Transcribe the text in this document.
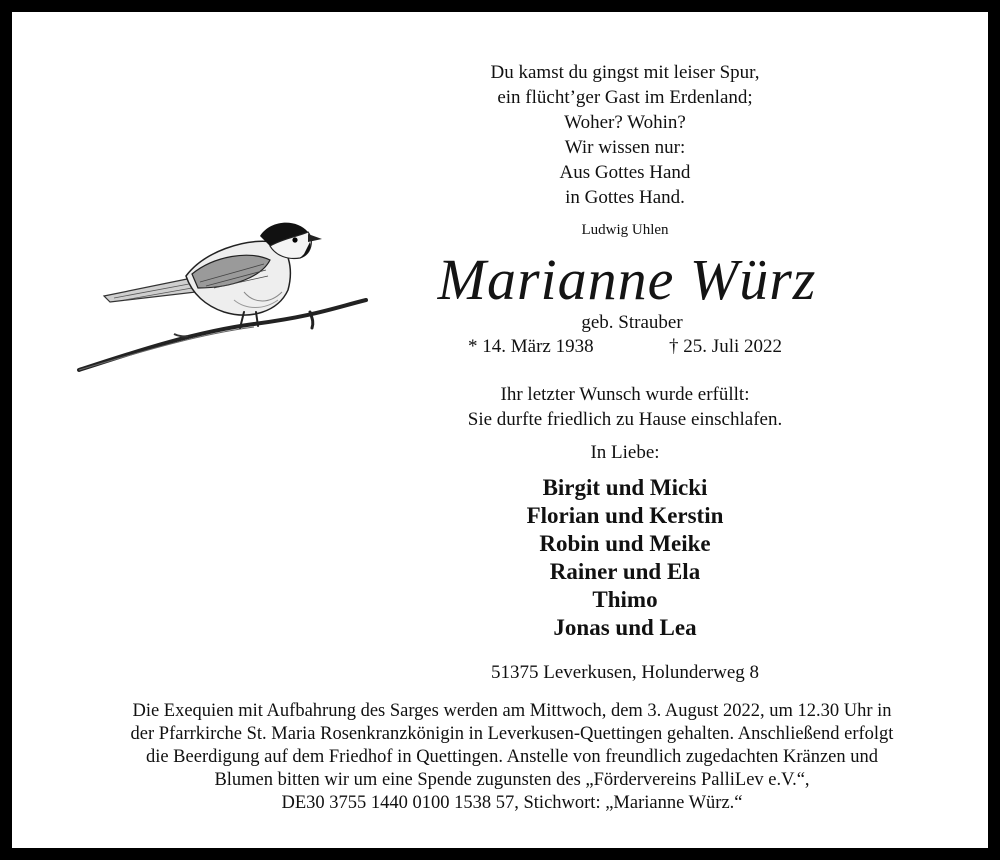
Du kamst du gingst mit leiser Spur,
ein flücht’ger Gast im Erdenland;
Woher? Wohin?
Wir wissen nur:
Aus Gottes Hand
in Gottes Hand.
Ludwig Uhlen
Marianne Würz
geb. Strauber
* 14. März 1938	† 25. Juli 2022
Ihr letzter Wunsch wurde erfüllt:
Sie durfte friedlich zu Hause einschlafen.
In Liebe:
Birgit und Micki
Florian und Kerstin
Robin und Meike
Rainer und Ela
Thimo
Jonas und Lea
51375 Leverkusen, Holunderweg 8
Die Exequien mit Aufbahrung des Sarges werden am Mittwoch, dem 3. August 2022, um 12.30 Uhr in
der Pfarrkirche St. Maria Rosenkranzkönigin in Leverkusen-Quettingen gehalten. Anschließend erfolgt
die Beerdigung auf dem Friedhof in Quettingen. Anstelle von freundlich zugedachten Kränzen und
Blumen bitten wir um eine Spende zugunsten des „Fördervereins PalliLev e.V.“,
DE30 3755 1440 0100 1538 57, Stichwort: „Marianne Würz.“
